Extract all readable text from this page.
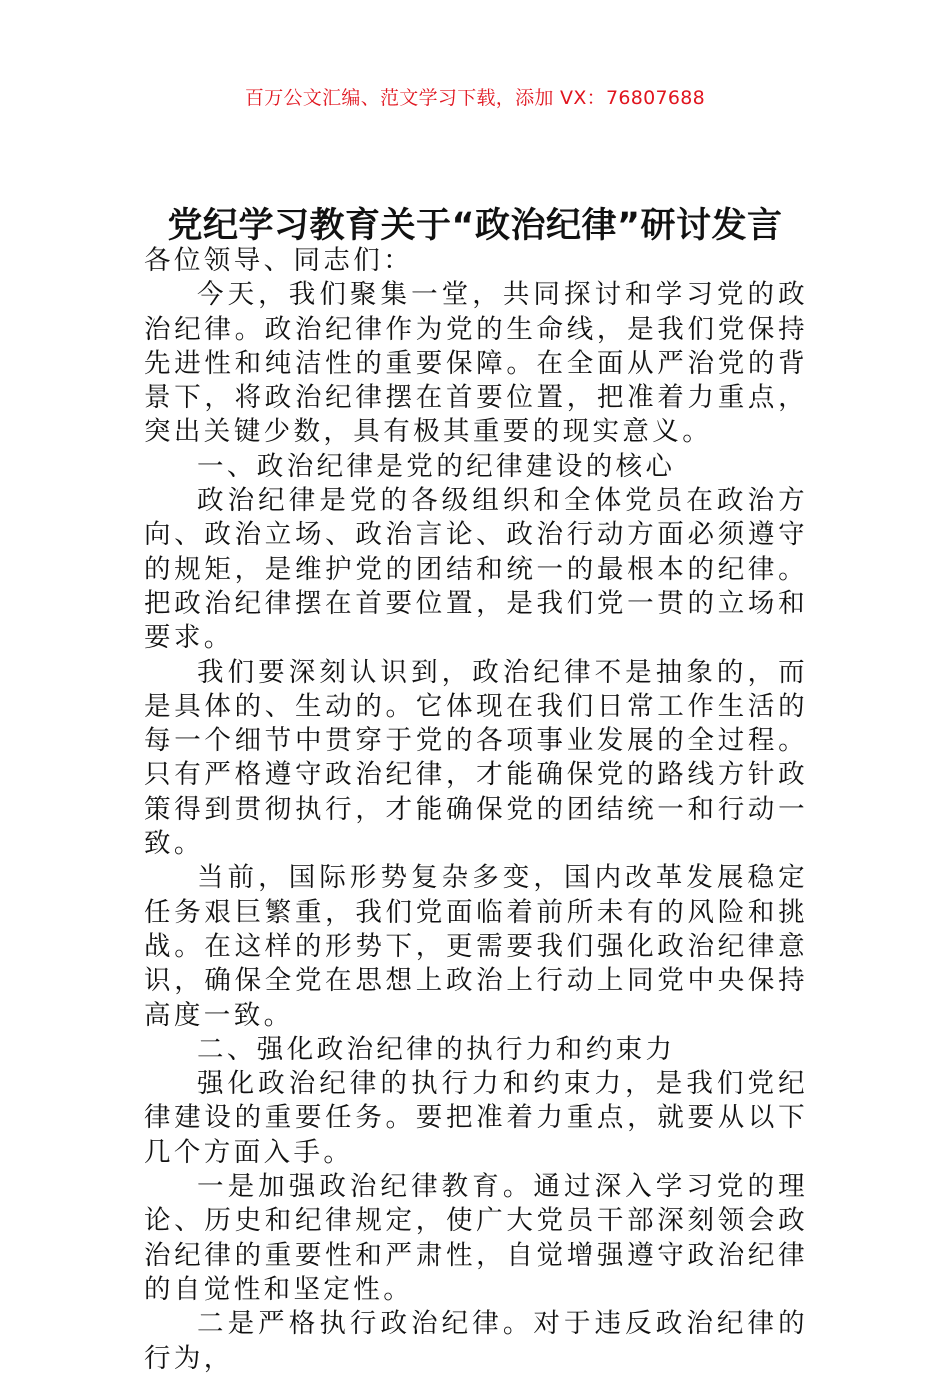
百万公文汇编、范文学习下载，添加 VX：76807688
党纪学习教育关于“政治纪律”研讨发言

各位领导、同志们：

今天，我们聚集一堂，共同探讨和学习党的政治纪律。政治纪律作为党的生命线，是我们党保持先进性和纯洁性的重要保障。在全面从严治党的背景下，将政治纪律摆在首要位置，把准着力重点，突出关键少数，具有极其重要的现实意义。

一、政治纪律是党的纪律建设的核心

政治纪律是党的各级组织和全体党员在政治方向、政治立场、政治言论、政治行动方面必须遵守的规矩，是维护党的团结和统一的最根本的纪律。把政治纪律摆在首要位置，是我们党一贯的立场和要求。

我们要深刻认识到，政治纪律不是抽象的，而是具体的、生动的。它体现在我们日常工作生活的每一个细节中贯穿于党的各项事业发展的全过程。只有严格遵守政治纪律，才能确保党的路线方针政策得到贯彻执行，才能确保党的团结统一和行动一致。

当前，国际形势复杂多变，国内改革发展稳定任务艰巨繁重，我们党面临着前所未有的风险和挑战。在这样的形势下，更需要我们强化政治纪律意识，确保全党在思想上政治上行动上同党中央保持高度一致。

二、强化政治纪律的执行力和约束力

强化政治纪律的执行力和约束力，是我们党纪律建设的重要任务。要把准着力重点，就要从以下几个方面入手。

一是加强政治纪律教育。通过深入学习党的理论、历史和纪律规定，使广大党员干部深刻领会政治纪律的重要性和严肃性，自觉增强遵守政治纪律的自觉性和坚定性。

二是严格执行政治纪律。对于违反政治纪律的行为，
